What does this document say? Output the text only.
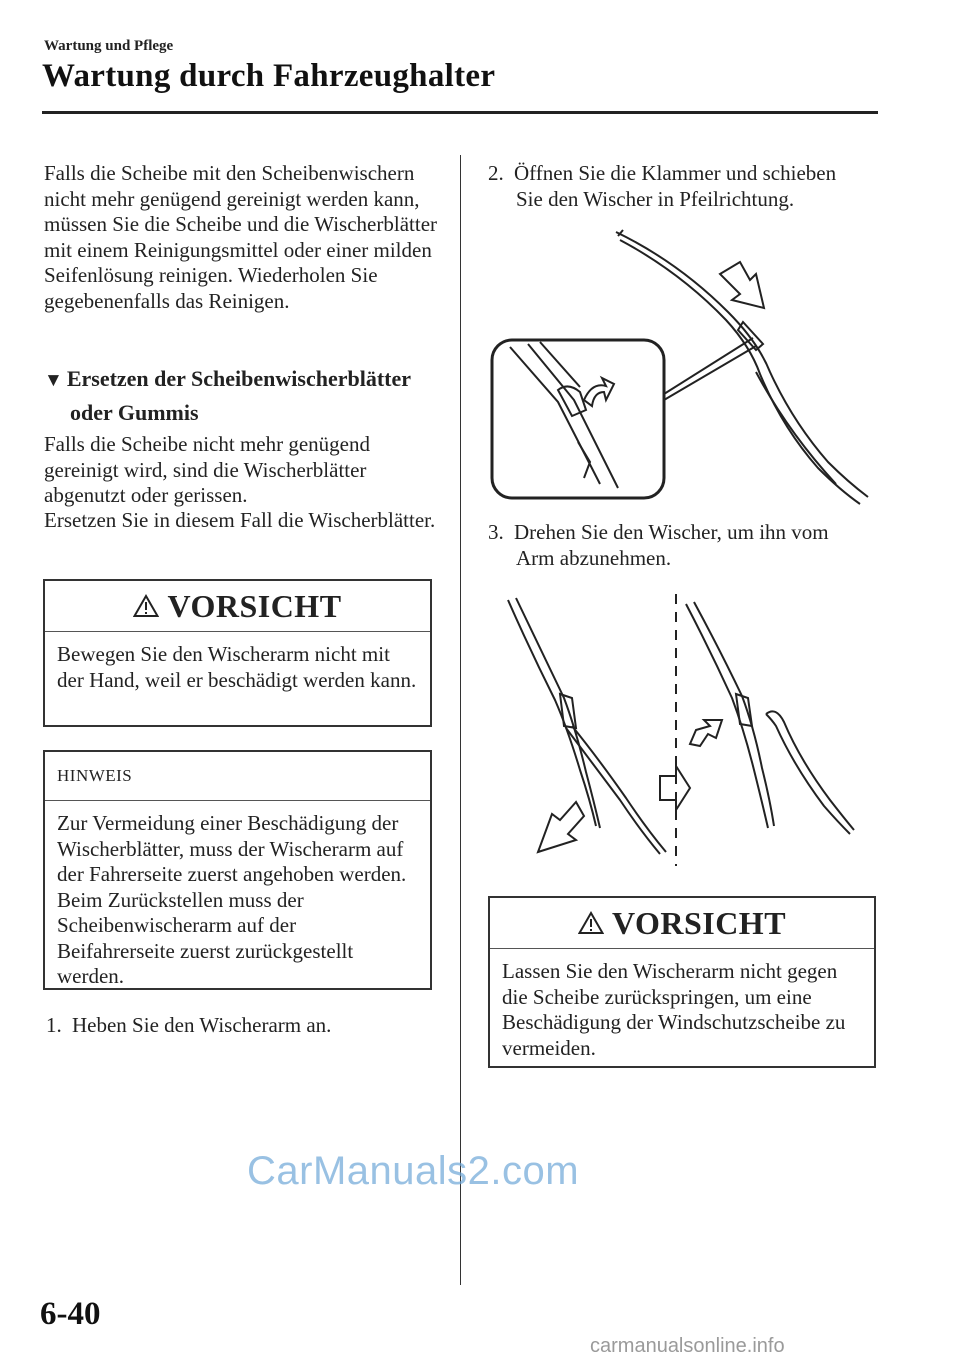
Wartung und Pflege
Wartung durch Fahrzeughalter
Falls die Scheibe mit den Scheibenwischern nicht mehr genügend gereinigt werden kann, müssen Sie die Scheibe und die Wischerblätter mit einem Reinigungsmittel oder einer milden Seifenlösung reinigen. Wiederholen Sie gegebenenfalls das Reinigen.
▼ Ersetzen der Scheibenwischerblätter
oder Gummis
Falls die Scheibe nicht mehr genügend gereinigt wird, sind die Wischerblätter abgenutzt oder gerissen.
Ersetzen Sie in diesem Fall die Wischerblätter.
VORSICHT
Bewegen Sie den Wischerarm nicht mit der Hand, weil er beschädigt werden kann.
HINWEIS
Zur Vermeidung einer Beschädigung der Wischerblätter, muss der Wischerarm auf der Fahrerseite zuerst angehoben werden. Beim Zurückstellen muss der Scheibenwischerarm auf der Beifahrerseite zuerst zurückgestellt werden.
1. Heben Sie den Wischerarm an.
2. Öffnen Sie die Klammer und schieben
Sie den Wischer in Pfeilrichtung.
3. Drehen Sie den Wischer, um ihn vom
Arm abzunehmen.
VORSICHT
Lassen Sie den Wischerarm nicht gegen die Scheibe zurückspringen, um eine Beschädigung der Windschutzscheibe zu vermeiden.
CarManuals2.com
6-40
carmanualsonline.info
